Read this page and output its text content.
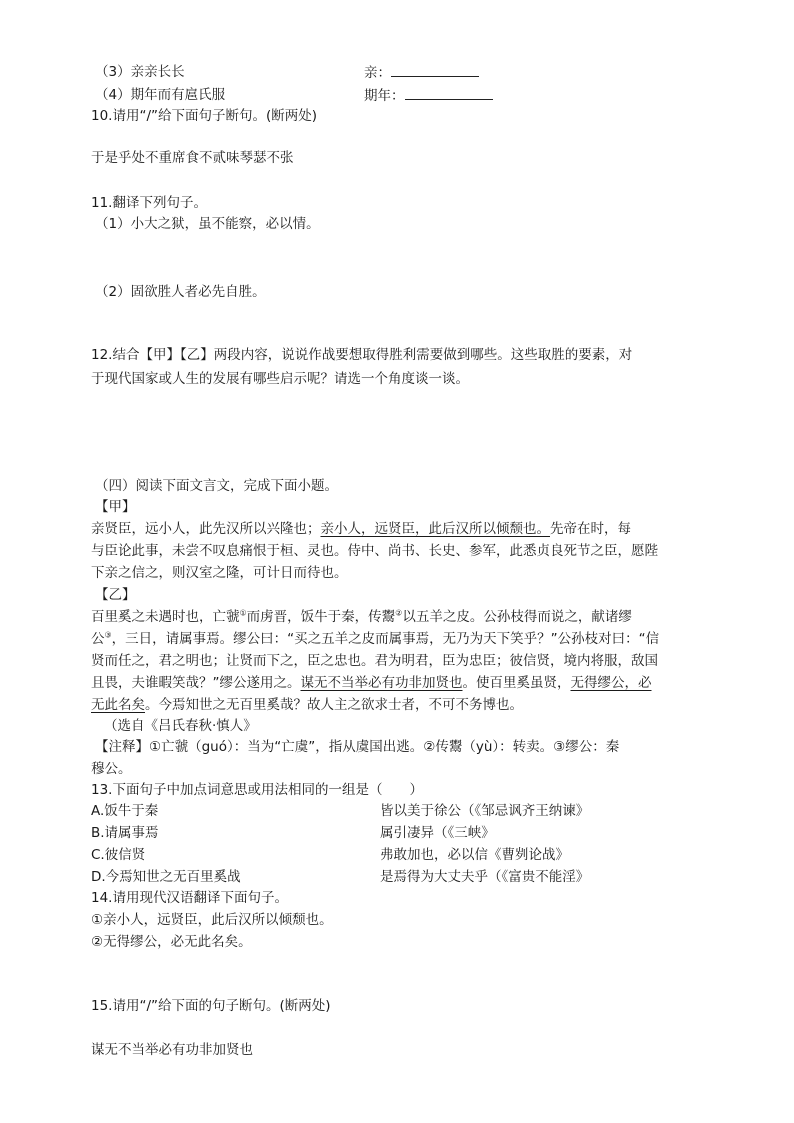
（3）亲亲长长	亲：
（4）期年而有扈氏服	期年：
10.请用“/”给下面句子断句。(断两处)
于是乎处不重席食不贰味琴瑟不张
11.翻译下列句子。
（1）小大之狱，虽不能察，必以情。
（2）固欲胜人者必先自胜。
12.结合【甲】【乙】两段内容，说说作战要想取得胜利需要做到哪些。这些取胜的要素，对
于现代国家或人生的发展有哪些启示呢？请选一个角度谈一谈。
（四）阅读下面文言文，完成下面小题。
【甲】
亲贤臣，远小人，此先汉所以兴隆也；亲小人，远贤臣，此后汉所以倾颓也。先帝在时，每
与臣论此事，未尝不叹息痛恨于桓、灵也。侍中、尚书、长史、参军，此悉贞良死节之臣，愿陛
下亲之信之，则汉室之隆，可计日而待也。
【乙】
百里奚之未遇时也，亡虢①而虏晋，饭牛于秦，传鬻②以五羊之皮。公孙枝得而说之，献诸缪
公③，三日，请属事焉。缪公曰：“买之五羊之皮而属事焉，无乃为天下笑乎？”公孙枝对曰：“信
贤而任之，君之明也；让贤而下之，臣之忠也。君为明君，臣为忠臣；彼信贤，境内将服，敌国
且畏，夫谁暇笑哉？”缪公遂用之。谋无不当举必有功非加贤也。使百里奚虽贤，无得缪公，必
无此名矣。今焉知世之无百里奚哉？故人主之欲求士者，不可不务博也。
（选自《吕氏春秋·慎人》
【注释】①亡虢（guó）：当为“亡虞”，指从虞国出逃。②传鬻（yù）：转卖。③缪公：秦
穆公。
13.下面句子中加点词意思或用法相同的一组是（　　）
A.饭牛于秦	皆以美于徐公（《邹忌讽齐王纳谏》
B.请属事焉	属引凄异（《三峡》
C.彼信贤	弗敢加也，必以信《曹刿论战》
D.今焉知世之无百里奚战	是焉得为大丈夫乎（《富贵不能淫》
14.请用现代汉语翻译下面句子。
①亲小人，远贤臣，此后汉所以倾颓也。
②无得缪公，必无此名矣。
15.请用“/”给下面的句子断句。(断两处)
谋无不当举必有功非加贤也
